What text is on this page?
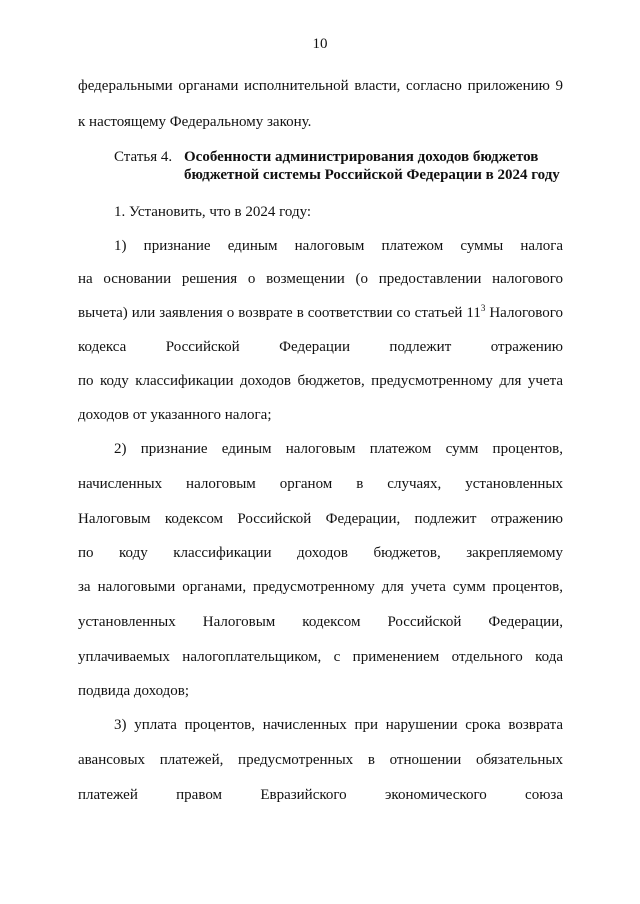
10
федеральными органами исполнительной власти, согласно приложению 9
к настоящему Федеральному закону.
Статья 4. Особенности администрирования доходов бюджетов
бюджетной системы Российской Федерации в 2024 году
1. Установить, что в 2024 году:
1) признание единым налоговым платежом суммы налога
на основании решения о возмещении (о предоставлении налогового
вычета) или заявления о возврате в соответствии со статьей $11^3$ Налогового
кодекса Российской Федерации подлежит отражению
по коду классификации доходов бюджетов, предусмотренному для учета
доходов от указанного налога;
2) признание единым налоговым платежом сумм процентов,
начисленных налоговым органом в случаях, установленных
Налоговым кодексом Российской Федерации, подлежит отражению
по коду классификации доходов бюджетов, закрепляемому
за налоговыми органами, предусмотренному для учета сумм процентов,
установленных Налоговым кодексом Российской Федерации,
уплачиваемых налогоплательщиком, с применением отдельного кода
подвида доходов;
3) уплата процентов, начисленных при нарушении срока возврата
авансовых платежей, предусмотренных в отношении обязательных
платежей правом Евразийского экономического союза
